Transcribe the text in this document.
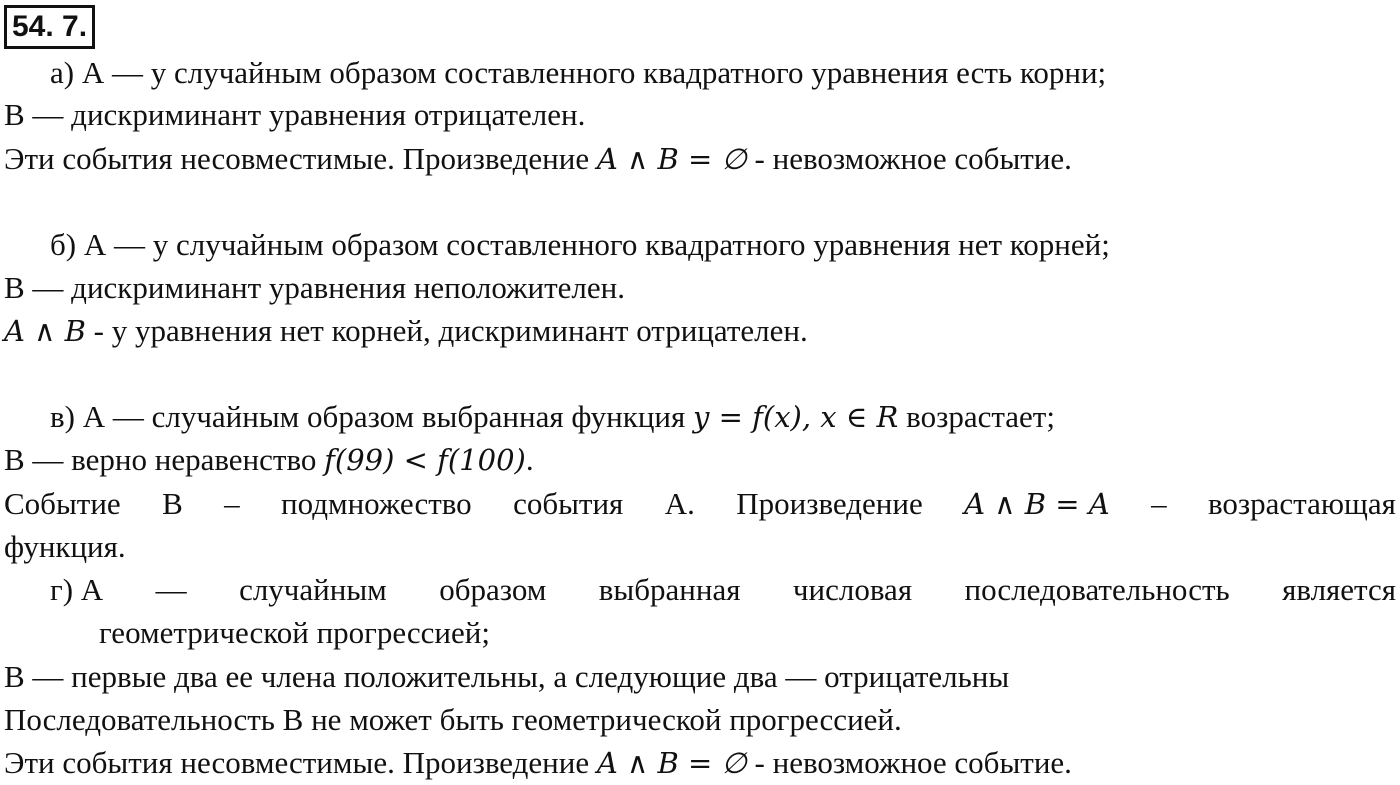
54. 7.
а) А — у случайным образом составленного квадратного уравнения есть корни;
В — дискриминант уравнения отрицателен.
Эти события несовместимые. Произведение A ∧ B = ∅ - невозможное событие.
б) А — у случайным образом составленного квадратного уравнения нет корней;
В — дискриминант уравнения неположителен.
A ∧ B - у уравнения нет корней, дискриминант отрицателен.
в) А — случайным образом выбранная функция y = f(x), x ∈ R возрастает;
В — верно неравенство f(99) < f(100).
Событие В – подмножество события А. Произведение A ∧ B = A – возрастающая
функция.
г) А — случайным образом выбранная числовая последовательность является
геометрической прогрессией;
В — первые два ее члена положительны, а следующие два — отрицательны
Последовательность В не может быть геометрической прогрессией.
Эти события несовместимые. Произведение A ∧ B = ∅ - невозможное событие.
